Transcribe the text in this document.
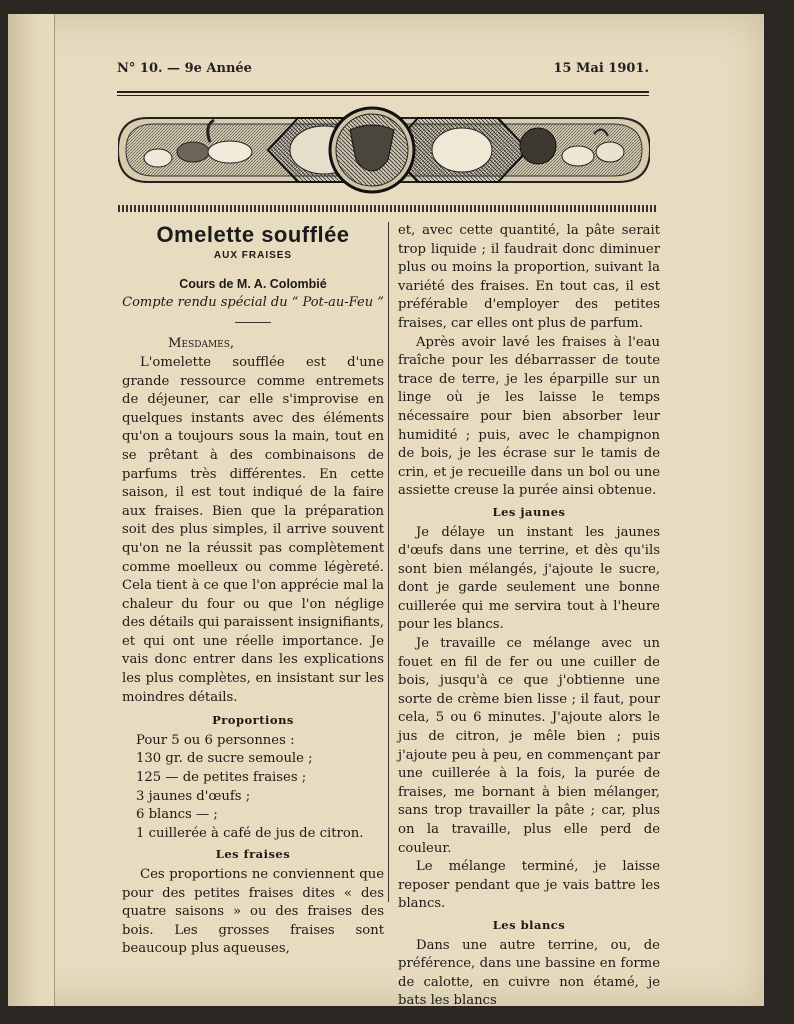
N° 10. — 9e Année	15 Mai 1901.
Omelette soufflée
AUX FRAISES
Cours de M. A. Colombié
Compte rendu spécial du “ Pot-au-Feu ”

Mesdames,

L'omelette soufflée est d'une grande ressource comme entremets de déjeuner, car elle s'improvise en quelques instants avec des éléments qu'on a toujours sous la main, tout en se prêtant à des combinaisons de parfums très différentes. En cette saison, il est tout indiqué de la faire aux fraises. Bien que la préparation soit des plus simples, il arrive souvent qu'on ne la réussit pas complètement comme moelleux ou comme légèreté. Cela tient à ce que l'on apprécie mal la chaleur du four ou que l'on néglige des détails qui paraissent insignifiants, et qui ont une réelle importance. Je vais donc entrer dans les explications les plus complètes, en insistant sur les moindres détails.

Proportions
Pour 5 ou 6 personnes :
130 gr. de sucre semoule ;
125 — de petites fraises ;
3 jaunes d'œufs ;
6 blancs — ;
1 cuillerée à café de jus de citron.
Les fraises

Ces proportions ne conviennent que pour des petites fraises dites « des quatre saisons » ou des fraises des bois. Les grosses fraises sont beaucoup plus aqueuses,

et, avec cette quantité, la pâte serait trop liquide ; il faudrait donc diminuer plus ou moins la proportion, suivant la variété des fraises. En tout cas, il est préférable d'employer des petites fraises, car elles ont plus de parfum.

Après avoir lavé les fraises à l'eau fraîche pour les débarrasser de toute trace de terre, je les éparpille sur un linge où je les laisse le temps nécessaire pour bien absorber leur humidité ; puis, avec le champignon de bois, je les écrase sur le tamis de crin, et je recueille dans un bol ou une assiette creuse la purée ainsi obtenue.

Les jaunes

Je délaye un instant les jaunes d'œufs dans une terrine, et dès qu'ils sont bien mélangés, j'ajoute le sucre, dont je garde seulement une bonne cuillerée qui me servira tout à l'heure pour les blancs.

Je travaille ce mélange avec un fouet en fil de fer ou une cuiller de bois, jusqu'à ce que j'obtienne une sorte de crème bien lisse ; il faut, pour cela, 5 ou 6 minutes. J'ajoute alors le jus de citron, je mêle bien ; puis j'ajoute peu à peu, en commençant par une cuillerée à la fois, la purée de fraises, me bornant à bien mélanger, sans trop travailler la pâte ; car, plus on la travaille, plus elle perd de couleur.

Le mélange terminé, je laisse reposer pendant que je vais battre les blancs.

Les blancs

Dans une autre terrine, ou, de préférence, dans une bassine en forme de calotte, en cuivre non étamé, je bats les blancs
